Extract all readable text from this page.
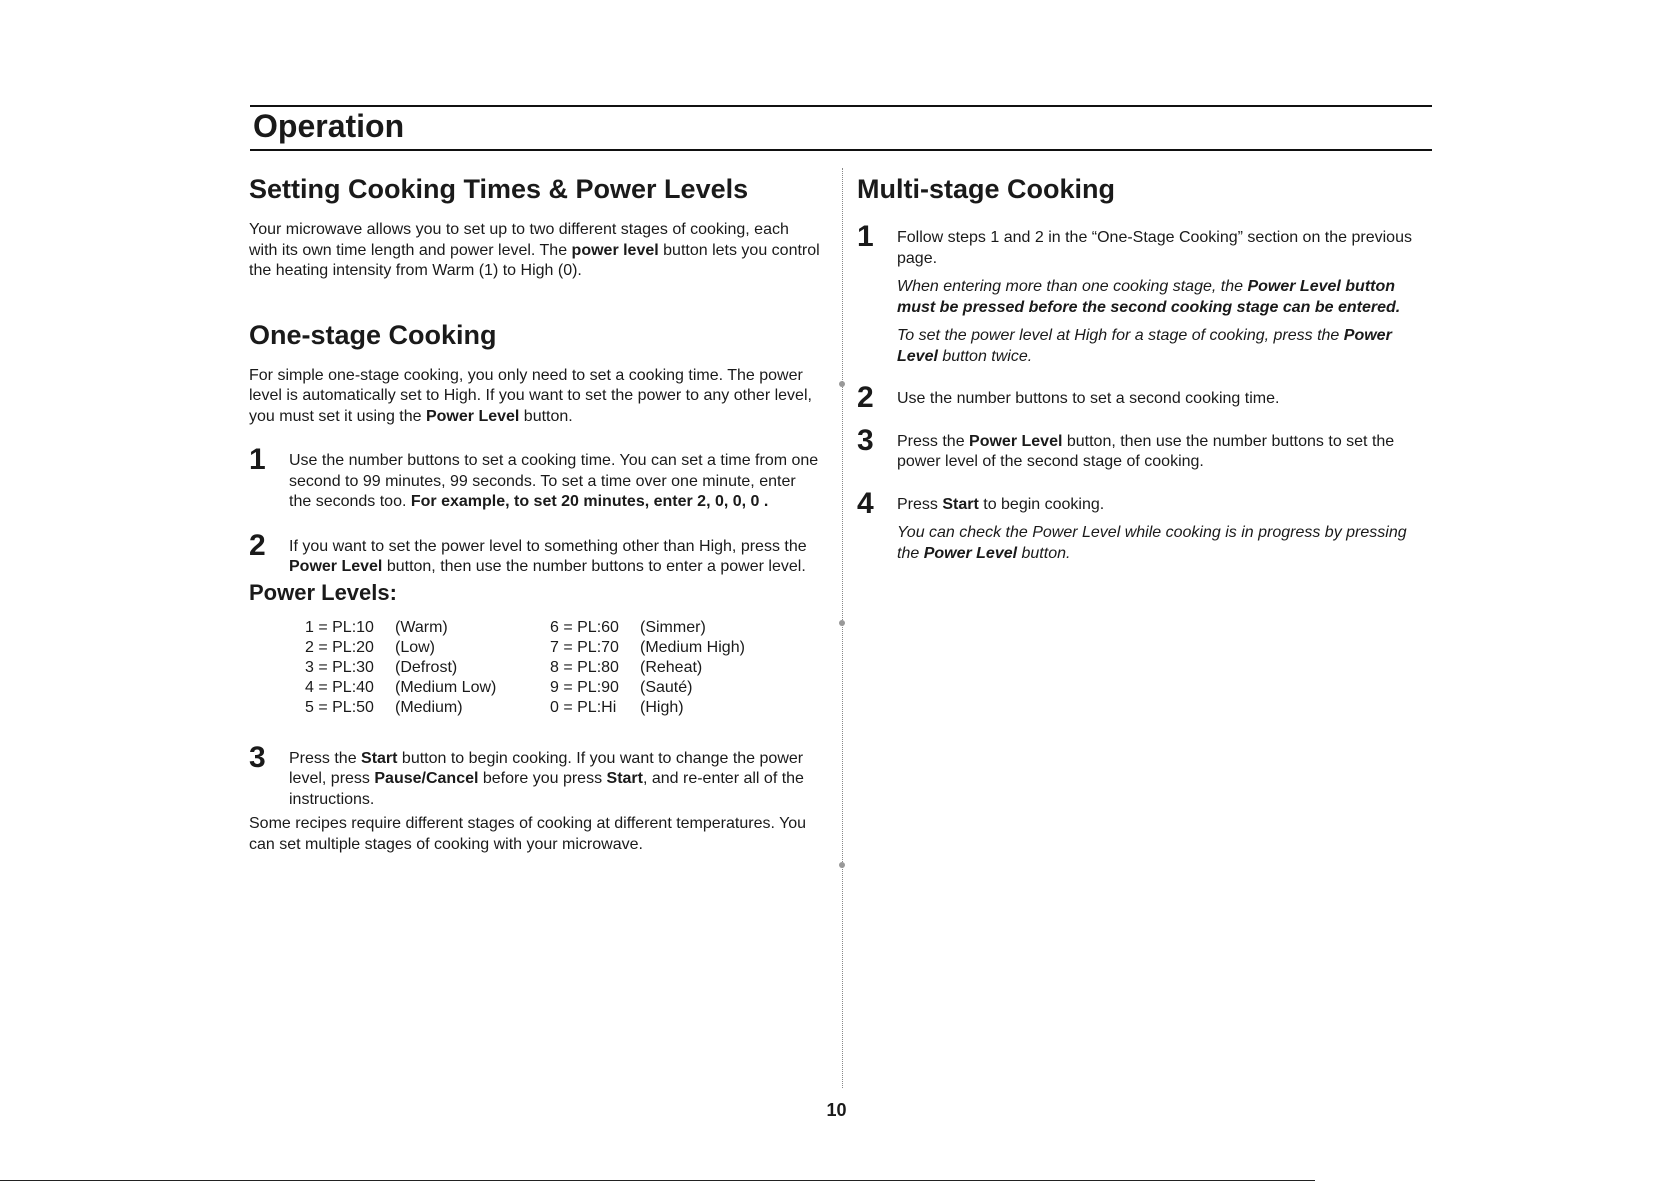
Operation
Setting Cooking Times & Power Levels

Your microwave allows you to set up to two different stages of cooking, each with its own time length and power level. The power level button lets you control the heating intensity from Warm (1) to High (0).

One-stage Cooking

For simple one-stage cooking, you only need to set a cooking time. The power level is automatically set to High. If you want to set the power to any other level, you must set it using the Power Level button.

1 Use the number buttons to set a cooking time. You can set a time from one second to 99 minutes, 99 seconds. To set a time over one minute, enter the seconds too. For example, to set 20 minutes, enter 2, 0, 0, 0 .
2 If you want to set the power level to something other than High, press the Power Level button, then use the number buttons to enter a power level.
Power Levels:
1 = PL:10 (Warm)	6 = PL:60 (Simmer)
2 = PL:20 (Low)	7 = PL:70 (Medium High)
3 = PL:30 (Defrost)	8 = PL:80 (Reheat)
4 = PL:40 (Medium Low)	9 = PL:90 (Sauté)
5 = PL:50 (Medium)	0 = PL:Hi (High)
3 Press the Start button to begin cooking. If you want to change the power level, press Pause/Cancel before you press Start, and re-enter all of the instructions.

Some recipes require different stages of cooking at different temperatures. You can set multiple stages of cooking with your microwave.

Multi-stage Cooking
1 Follow steps 1 and 2 in the “One-Stage Cooking” section on the previous page.

When entering more than one cooking stage, the Power Level button must be pressed before the second cooking stage can be entered.

To set the power level at High for a stage of cooking, press the Power Level button twice.

2 Use the number buttons to set a second cooking time.
3 Press the Power Level button, then use the number buttons to set the power level of the second stage of cooking.
4 Press Start to begin cooking.

You can check the Power Level while cooking is in progress by pressing the Power Level button.

10
